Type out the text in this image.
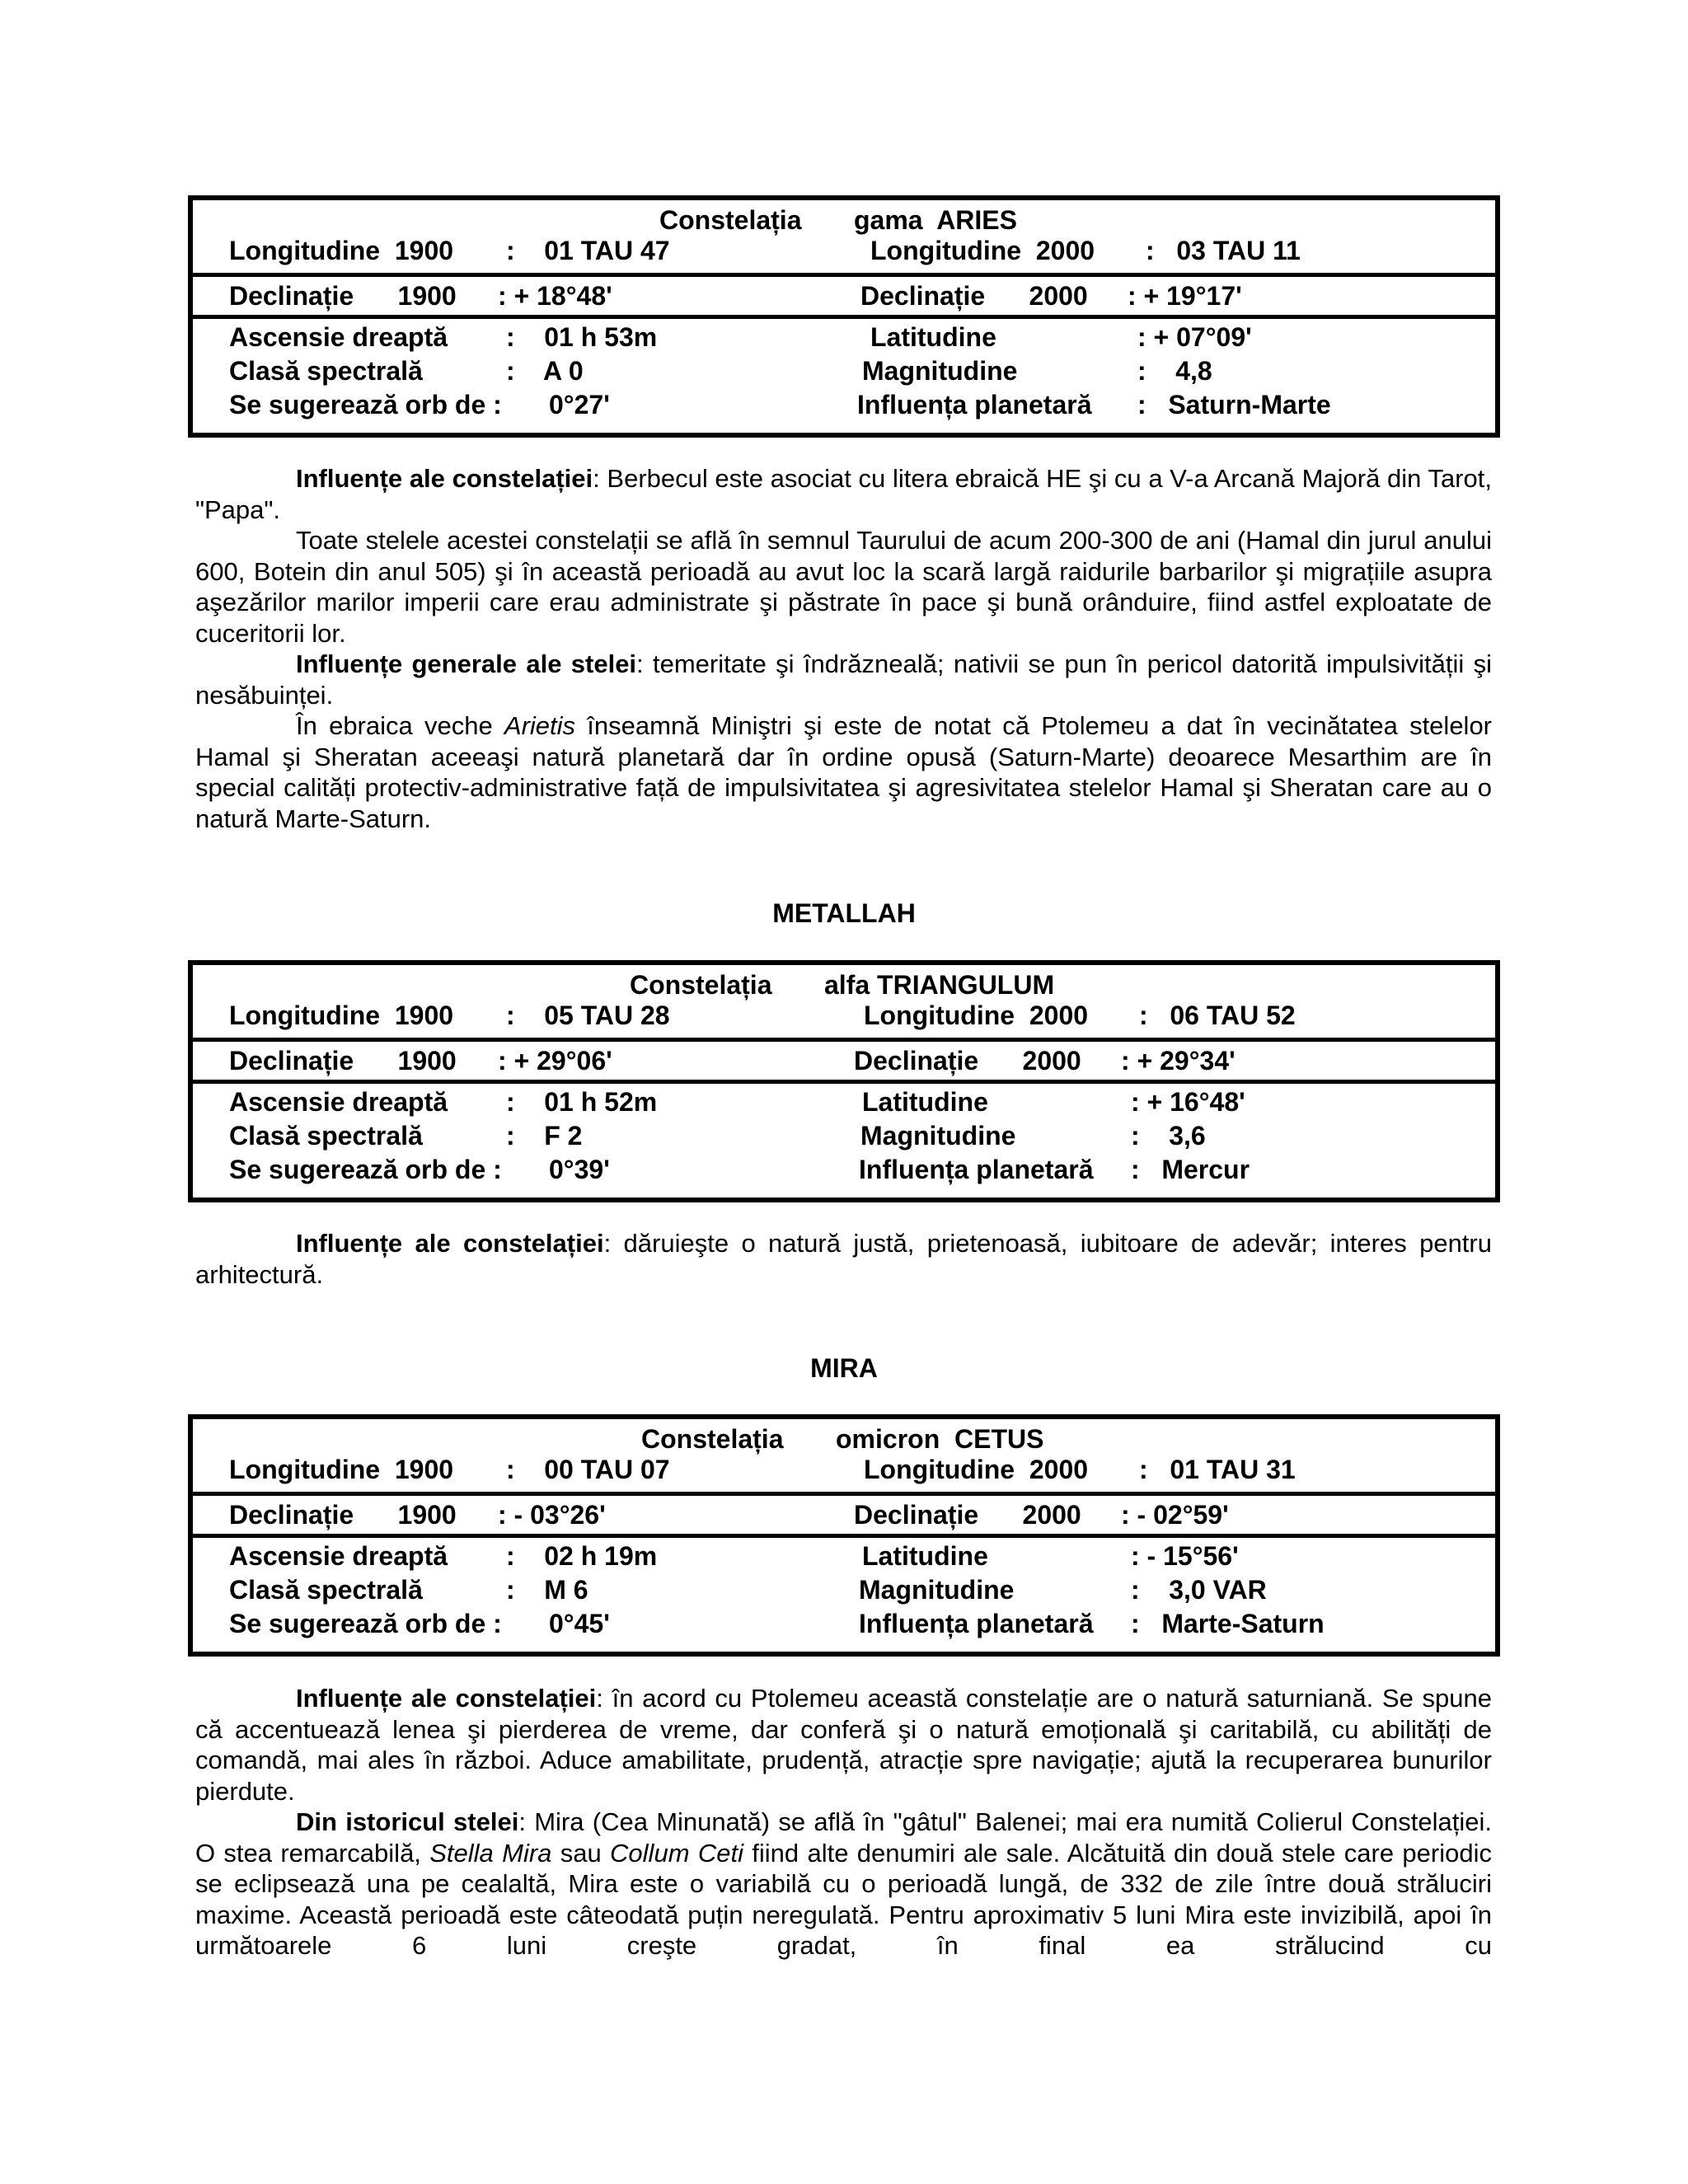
Constelația gama  ARIES
Longitudine  1900 :    01 TAU 47	Longitudine  2000 :   03 TAU 11
Declinație      1900 : + 18°48'	Declinație      2000 : + 19°17'
Ascensie dreaptă :    01 h 53m	Latitudine	: + 07°09'
Clasă spectrală	:    A 0	Magnitudine	:    4,8
Se sugerează orb de : 0°27'	Influența planetară :   Saturn-Marte

Influențe ale constelației: Berbecul este asociat cu litera ebraică HE şi cu a V-a Arcană Majoră din Tarot, "Papa".

Toate stelele acestei constelații se află în semnul Taurului de acum 200-300 de ani (Hamal din jurul anului 600, Botein din anul 505) şi în această perioadă au avut loc la scară largă raidurile barbarilor şi migrațiile asupra aşezărilor marilor imperii care erau administrate şi păstrate în pace şi bună orânduire, fiind astfel exploatate de cuceritorii lor.

Influențe generale ale stelei: temeritate şi îndrăzneală; nativii se pun în pericol datorită impulsivității şi nesăbuinței.

În ebraica veche Arietis înseamnă Miniştri şi este de notat că Ptolemeu a dat în vecinătatea stelelor Hamal şi Sheratan aceeaşi natură planetară dar în ordine opusă (Saturn-Marte) deoarece Mesarthim are în special calități protectiv-administrative față de impulsivitatea şi agresivitatea stelelor Hamal şi Sheratan care au o natură Marte-Saturn.

METALLAH
Constelația alfa TRIANGULUM
Longitudine  1900 :    05 TAU 28	Longitudine  2000 :   06 TAU 52
Declinație      1900 : + 29°06'	Declinație      2000 : + 29°34'
Ascensie dreaptă :    01 h 52m	Latitudine	: + 16°48'
Clasă spectrală	:    F 2	Magnitudine	:    3,6
Se sugerează orb de : 0°39'	Influența planetară :   Mercur

Influențe ale constelației: dăruieşte o natură justă, prietenoasă, iubitoare de adevăr; interes pentru arhitectură.

MIRA
Constelația omicron  CETUS
Longitudine  1900 :    00 TAU 07	Longitudine  2000 :   01 TAU 31
Declinație      1900 : - 03°26'	Declinație      2000 : - 02°59'
Ascensie dreaptă :    02 h 19m	Latitudine	: - 15°56'
Clasă spectrală	:    M 6	Magnitudine	:    3,0 VAR
Se sugerează orb de : 0°45'	Influența planetară :   Marte-Saturn

Influențe ale constelației: în acord cu Ptolemeu această constelație are o natură saturniană. Se spune că accentuează lenea şi pierderea de vreme, dar conferă şi o natură emoțională şi caritabilă, cu abilități de comandă, mai ales în război. Aduce amabilitate, prudență, atracție spre navigație; ajută la recuperarea bunurilor pierdute.

Din istoricul stelei: Mira (Cea Minunată) se află în "gâtul" Balenei; mai era numită Colierul Constelației. O stea remarcabilă, Stella Mira sau Collum Ceti fiind alte denumiri ale sale. Alcătuită din două stele care periodic se eclipsează una pe cealaltă, Mira este o variabilă cu o perioadă lungă, de 332 de zile între două străluciri maxime. Această perioadă este câteodată puțin neregulată. Pentru aproximativ 5 luni Mira este invizibilă, apoi în următoarele 6 luni creşte gradat, în final ea strălucind cu
